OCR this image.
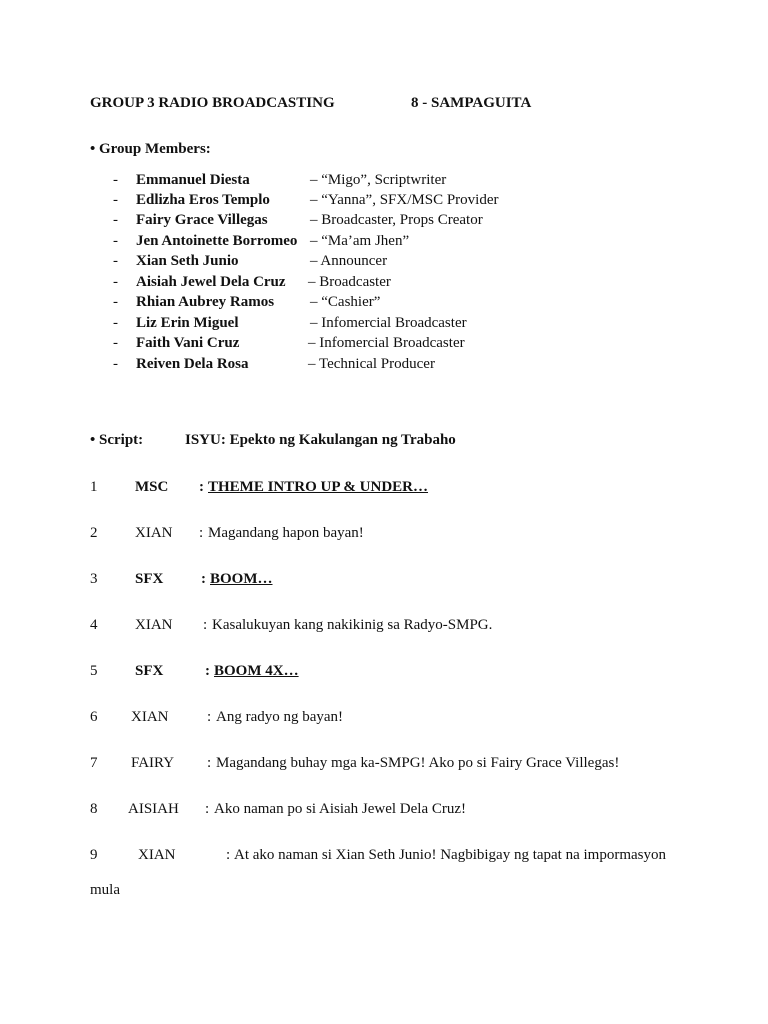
GROUP 3 RADIO BROADCASTING	8 - SAMPAGUITA
• Group Members:
- Emmanuel Diesta	– “Migo”, Scriptwriter
- Edlizha Eros Templo	– “Yanna”, SFX/MSC Provider
- Fairy Grace Villegas	– Broadcaster, Props Creator
- Jen Antoinette Borromeo – “Ma’am Jhen”
- Xian Seth Junio	– Announcer
- Aisiah Jewel Dela Cruz – Broadcaster
- Rhian Aubrey Ramos – “Cashier”
- Liz Erin Miguel	– Infomercial Broadcaster
- Faith Vani Cruz	– Infomercial Broadcaster
- Reiven Dela Rosa	– Technical Producer
• Script:	ISYU: Epekto ng Kakulangan ng Trabaho
1	MSC : THEME INTRO UP & UNDER…
2	XIAN : Magandang hapon bayan!
3	SFX	: BOOM…
4	XIAN : Kasalukuyan kang nakikinig sa Radyo-SMPG.
5	SFX	: BOOM 4X…
6 XIAN	: Ang radyo ng bayan!
7 FAIRY : Magandang buhay mga ka-SMPG! Ako po si Fairy Grace Villegas!
8 AISIAH : Ako naman po si Aisiah Jewel Dela Cruz!
9	XIAN	: At ako naman si Xian Seth Junio! Nagbibigay ng tapat na impormasyon
mula
